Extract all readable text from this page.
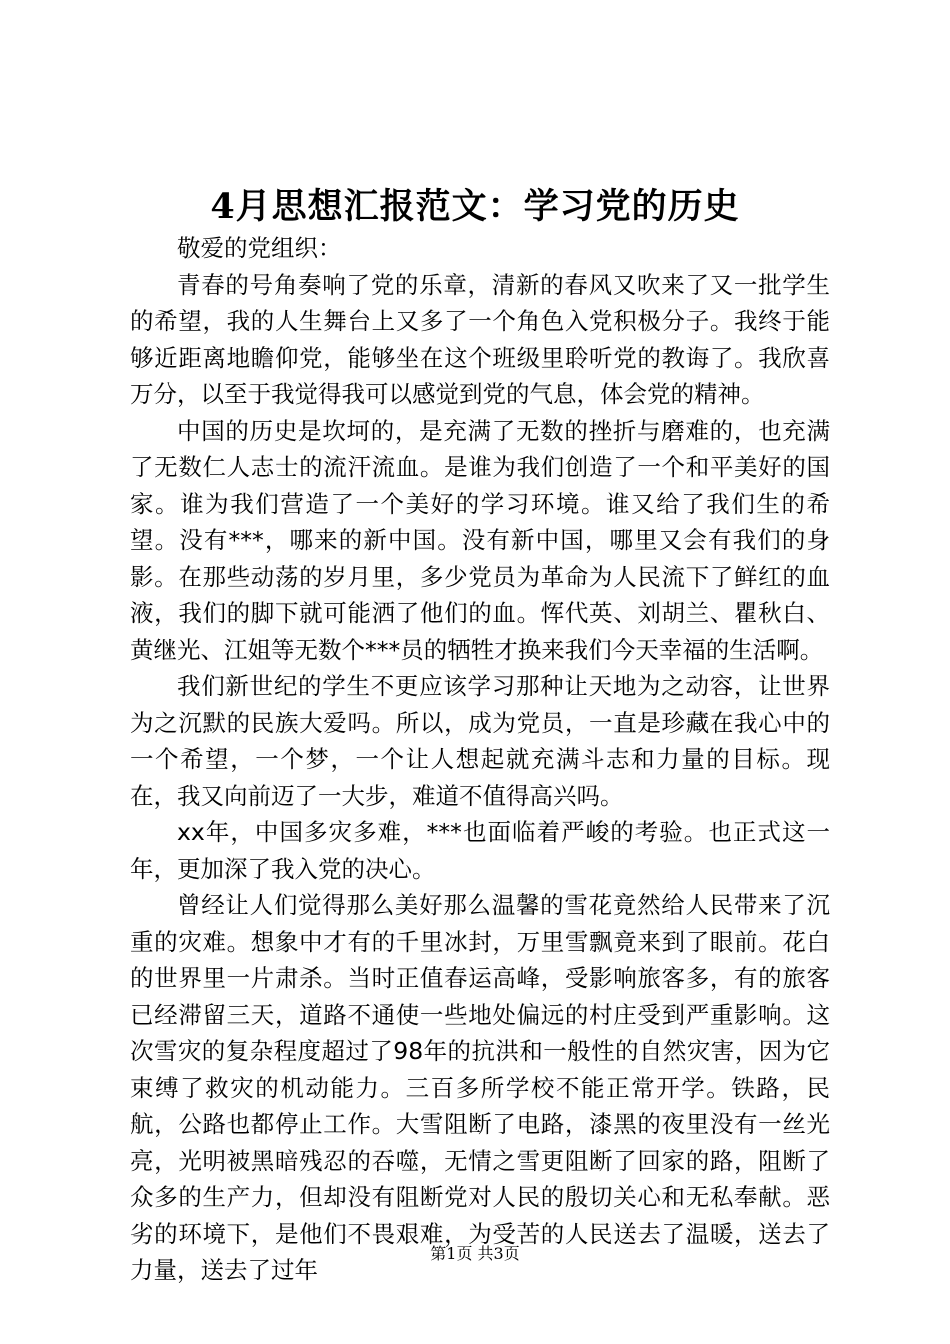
4月思想汇报范文：学习党的历史

敬爱的党组织：

青春的号角奏响了党的乐章，清新的春风又吹来了又一批学生的希望，我的人生舞台上又多了一个角色入党积极分子。我终于能够近距离地瞻仰党，能够坐在这个班级里聆听党的教诲了。我欣喜万分，以至于我觉得我可以感觉到党的气息，体会党的精神。

中国的历史是坎坷的，是充满了无数的挫折与磨难的，也充满了无数仁人志士的流汗流血。是谁为我们创造了一个和平美好的国家。谁为我们营造了一个美好的学习环境。谁又给了我们生的希望。没有***，哪来的新中国。没有新中国，哪里又会有我们的身影。在那些动荡的岁月里，多少党员为革命为人民流下了鲜红的血液，我们的脚下就可能洒了他们的血。恽代英、刘胡兰、瞿秋白、黄继光、江姐等无数个***员的牺牲才换来我们今天幸福的生活啊。

我们新世纪的学生不更应该学习那种让天地为之动容，让世界为之沉默的民族大爱吗。所以，成为党员，一直是珍藏在我心中的一个希望，一个梦，一个让人想起就充满斗志和力量的目标。现在，我又向前迈了一大步，难道不值得高兴吗。

xx年，中国多灾多难，***也面临着严峻的考验。也正式这一年，更加深了我入党的决心。

曾经让人们觉得那么美好那么温馨的雪花竟然给人民带来了沉重的灾难。想象中才有的千里冰封，万里雪飘竟来到了眼前。花白的世界里一片肃杀。当时正值春运高峰，受影响旅客多，有的旅客已经滞留三天，道路不通使一些地处偏远的村庄受到严重影响。这次雪灾的复杂程度超过了98年的抗洪和一般性的自然灾害，因为它束缚了救灾的机动能力。三百多所学校不能正常开学。铁路，民航，公路也都停止工作。大雪阻断了电路，漆黑的夜里没有一丝光亮，光明被黑暗残忍的吞噬，无情之雪更阻断了回家的路，阻断了众多的生产力，但却没有阻断党对人民的殷切关心和无私奉献。恶劣的环境下，是他们不畏艰难，为受苦的人民送去了温暖，送去了力量，送去了过年

第1页 共3页
